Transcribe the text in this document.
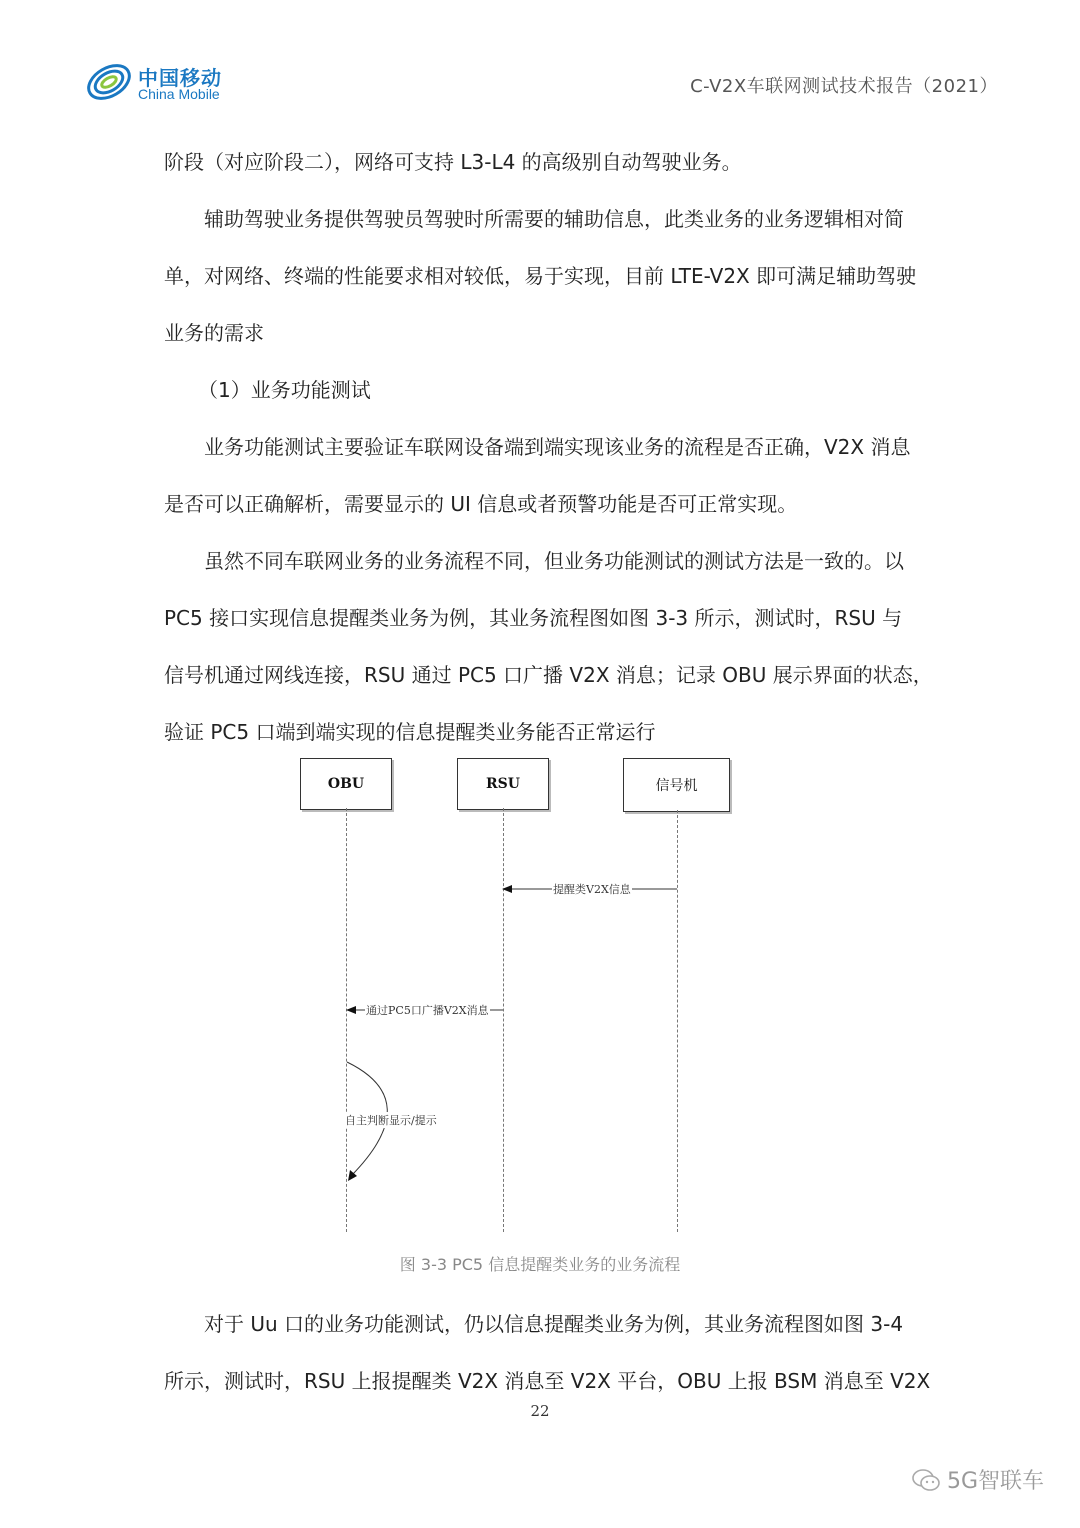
中国移动
China Mobile	C-V2X车联网测试技术报告（2021）

阶段（对应阶段二），网络可支持 L3-L4 的高级别自动驾驶业务。

辅助驾驶业务提供驾驶员驾驶时所需要的辅助信息，此类业务的业务逻辑相对简

单，对网络、终端的性能要求相对较低，易于实现，目前 LTE-V2X 即可满足辅助驾驶

业务的需求

（1）业务功能测试

业务功能测试主要验证车联网设备端到端实现该业务的流程是否正确，V2X 消息

是否可以正确解析，需要显示的 UI 信息或者预警功能是否可正常实现。

虽然不同车联网业务的业务流程不同，但业务功能测试的测试方法是一致的。以

PC5 接口实现信息提醒类业务为例，其业务流程图如图 3-3 所示，测试时，RSU 与

信号机通过网线连接，RSU 通过 PC5 口广播 V2X 消息；记录 OBU 展示界面的状态，

验证 PC5 口端到端实现的信息提醒类业务能否正常运行

OBU	RSU	信号机
提醒类V2X信息
通过PC5口广播V2X消息
自主判断显示/提示
图 3-3 PC5 信息提醒类业务的业务流程

对于 Uu 口的业务功能测试，仍以信息提醒类业务为例，其业务流程图如图 3-4

所示，测试时，RSU 上报提醒类 V2X 消息至 V2X 平台，OBU 上报 BSM 消息至 V2X

22
5G智联车
